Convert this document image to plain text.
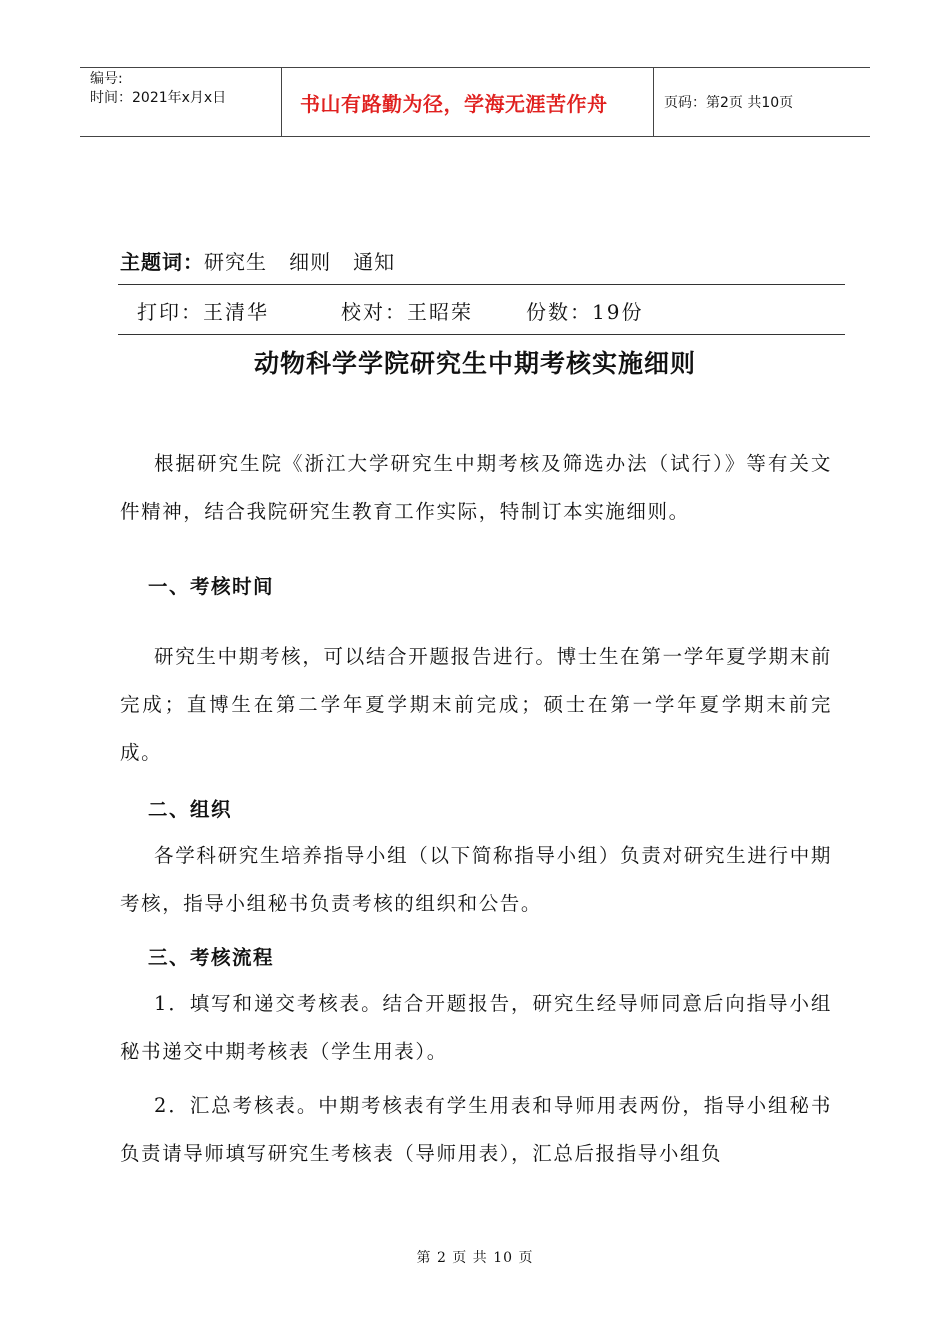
编号:
时间：2021年x月x日	书山有路勤为径，学海无涯苦作舟	页码：第2页 共10页
主题词：研究生   细则   通知
打印：王清华	校对：王昭荣	份数：19份
动物科学学院研究生中期考核实施细则

根据研究生院《浙江大学研究生中期考核及筛选办法（试行）》等有关文件精神，结合我院研究生教育工作实际，特制订本实施细则。

一、考核时间

研究生中期考核，可以结合开题报告进行。博士生在第一学年夏学期末前完成；直博生在第二学年夏学期末前完成；硕士在第一学年夏学期末前完成。

二、组织

各学科研究生培养指导小组（以下简称指导小组）负责对研究生进行中期考核，指导小组秘书负责考核的组织和公告。

三、考核流程

1．填写和递交考核表。结合开题报告，研究生经导师同意后向指导小组秘书递交中期考核表（学生用表）。

2．汇总考核表。中期考核表有学生用表和导师用表两份，指导小组秘书负责请导师填写研究生考核表（导师用表），汇总后报指导小组负

第 2 页 共 10 页
